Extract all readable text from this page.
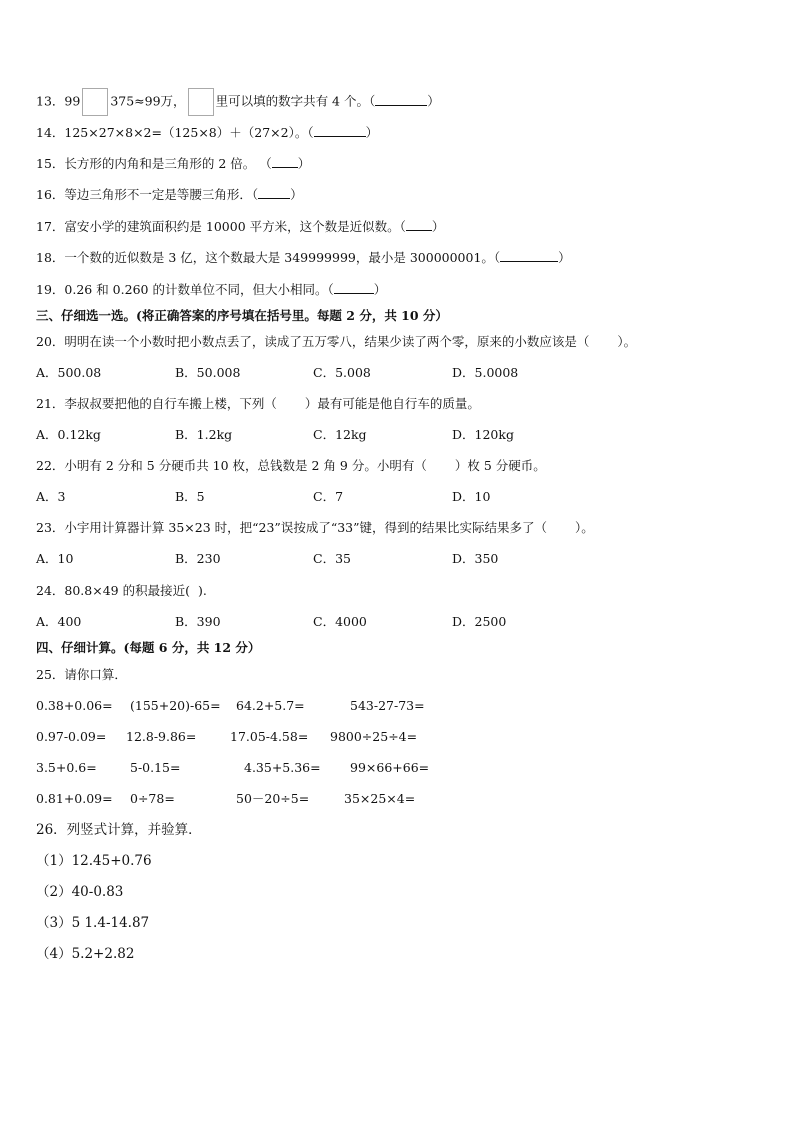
13．99 375≈99万， 里可以填的数字共有 4 个。（	）
14．125×27×8×2=（125×8）＋（27×2）。（	）
15．长方形的内角和是三角形的 2 倍。 （ ）
16．等边三角形不一定是等腰三角形．（	）
17．富安小学的建筑面积约是 10000 平方米，这个数是近似数。（ ）
18．一个数的近似数是 3 亿，这个数最大是 349999999，最小是 300000001。（	）
19．0.26 和 0.260 的计数单位不同，但大小相同。（	）
三、仔细选一选。(将正确答案的序号填在括号里。每题 2 分，共 10 分）
20．明明在读一个小数时把小数点丢了，读成了五万零八，结果少读了两个零，原来的小数应该是（ ）。
A．500.08	B．50.008	C．5.008	D．5.0008
21．李叔叔要把他的自行车搬上楼，下列（ ）最有可能是他自行车的质量。
A．0.12kg	B．1.2kg	C．12kg	D．120kg
22．小明有 2 分和 5 分硬币共 10 枚，总钱数是 2 角 9 分。小明有（ ）枚 5 分硬币。
A．3	B．5	C．7	D．10
23．小宇用计算器计算 35×23 时，把“23”误按成了“33”键，得到的结果比实际结果多了（ ）。
A．10	B．230	C．35	D．350
24．80.8×49 的积最接近( ).
A．400	B．390	C．4000	D．2500
四、仔细计算。(每题 6 分，共 12 分）
25．请你口算．
0.38+0.06= (155+20)-65= 64.2+5.7=	543-27-73=
0.97-0.09= 12.8-9.86=	17.05-4.58= 9800÷25÷4=
3.5+0.6=	5-0.15=	4.35+5.36= 99×66+66=
0.81+0.09= 0÷78=	50－20÷5=	35×25×4=
26．列竖式计算，并验算．
（1）12.45+0.76
（2）40-0.83
（3）5 1.4-14.87
（4）5.2+2.82
